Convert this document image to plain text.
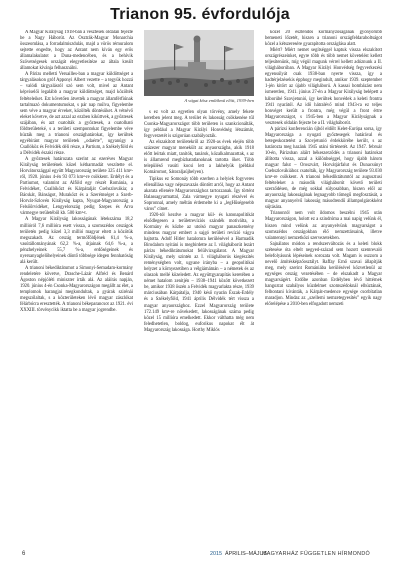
Trianon 95. évfordulója

A Magyar Királyság 1918-ban a vesztesek oldalán fejezte be a Nagy Háborút. Az Osztrák-Magyar Monarchia összeomlása, a forradalmiszdulás, majd a vörös rémuralom sejtette engedte, hogy az Antant nem kíván egy erős államalakulatot a Duna-medencében, és a behívik Szövetségesek országát elegyetlesítéze az általa kreált államokat kívánja felhasználni.

A Párizs melletti Versailles-ban a magyar küldöttséget a tárgyalásokon gróf Apponyi Albert vezette – a tegyük hozzá – valódi tárgyalásról szó sem volt, mivel az Antant képviselői legalább a magyar küldöttséget, majd közölték feltételeiket. Ezt követően átvették a magyar államférfiúnak tartalmazó dokumentumokat, s pár nap múlva, figyelembe sem véve a magyar érveket, közölték döntésüket. A vétsévő eleket követve, de azt azzal az ezzben kiküttvek, a győztesek szájában, és azt csatolták a győztesek, a csatolható földterületeké, s a területi szempontokat figyelembe véve húzták meg a trianoni országhatárokat, így kerültek egyébiránt magyar területek „odaérte”, ugyanúgy a Csallóköz és Felvidék déli része, a Partium, a Székelyföld és a Délvidék északi része.

A győztesek határozata szerint az ezeréves Magyar Királyság területének közel kétharmadát veszítette el. Horvátországgal együtt Magyarország területe 325 411 km²-ről, 1920. június 4-én 93 073 km²-re csökkent. Erdélyt és a Partiumot, valamint az Alföld egy részét Románia, a Felvidéket, Csallóközt és Kárpátalját Csehszlovákia; a Bácskát, Bánságot, Muraközt és a Szerémséget a Szerb-Horvát-Szlovén Királyság kapta, Nyugat-Magyarország a Felsőőrvidéket, Lengyelország pedig Szepes és Árva vármegye területéből kb. 500 km²-t.

A Magyar Királyság lakosságának létekszáma 18,2 millióról 7,6 millióra esett vissza, a szomszédos országok területén pedig közel 3,3 millió magyar eltett a közötük megszakadt. Az ország termőföldjének 61,4 %-a, vasútállományának 62,2 %-a, útjainak 64,6 %-a, a pénzhelyeinek 55,7 %-a, erdőségeinek és nyersanyaglelőhelyeinek döntő többsége idegen fennhatóság alá került.

A trianoni békediktátumot a Simonyi-Semadam-kormány rendeletére követve, Drasche-Lázár Alfréd és Benárd Ágoston népjóléti miniszter írták alá. Az aláírás napján, 1920. június 4-én Csonka-Magyarországon megállt az élet, a templomok harangjai megkondultak, a gyárak szirénái megszólaltak, s a közterületeken lévő magyar zászlókat félárbócra eresztették. A trianoni békeparancsot az 1921. évi XXXIII. törvénycikk iktatta be a magyar jogrendbe.

A vágat kősz emlékmű előtt, 1939-ben

s ez volt az egyetlen olyan törvény, amely fekete keretben jelent meg. A terület és lakosság csökkenése tűl Csonka-Magyarországot több területen is szankcionálták, így például a Magyar Királyi Honvédség létszámát, fegyverzetét is szigorúan szabályozták.

Az elszakított területekről az 1920-as évek elején több százezer magyar menekült az anyaországba, akik 1918 előtt leírtak miatt, tanítók, tanárok, közalkalmazottak, s az is államrend megbízhatatlanoknak tartotta őket. Több településő vasúti kocsi lett a lakhelyük (például Komáromot, Sátoraljaújhelyen).

Tipikus ez Somonáy több ezerben a helyiek fogyveres ellenállása vagy népszavazás döntött arról, hogy az Antant akarata ellenére Magyarországhoz tartozzanak. Így történt Balassagyarmattal, Zala vármegye nyugati részével és Sopronnal, amely méltán érdemelte ki a „legHűségesebb város” címet.

1920-tól kezdve a magyar kül- és katonapolitikát elsődlegesen a területrevíziós szándék motiválta, a Kormány és közbe az utolsó magyar panaszkemény mindens magyar embert a sajgó területi revízió vágya hajtotta. Adolf Hitler hatalomra kerülésével a Harmadik Birodalom nyitáni is megbirdette az I. világháborút lezárt párizs békediktátumokat felülvizsgálatot. A Magyar Királyság, mely szintén az I. világháborús kiegészítés reménységben volt, ugyane irányba – a geopolitikai helyzet a környezetiben a vélgiámámán – a németek és az olaszok mellé közeledett. Az együttgyarapítás keretében a német hatalom zenitjén – 1938–1941 között következett be, amikor 1938 őszén a Felvidék magyarlakta része, 1939 márciusában Kárpátalja, 1940 késő nyarán Észak-Erdély és a Székelyföld, 1941 április Délvidék tért vissza a magyar anyaországhoz. Ezzel Magyarország területe 172.149 km²-re növekedett, lakosságának száma pedig közel 15 millióra emelkedett. Ekkor válthatta még nem feledhetetlen, boldog, euforikus napokat élt át Magyarország lakossága. Horthy Miklós

közel 20 esztendős kormányzóságának gyönyörűbb bemeneti lőzetét, hiszen a trianoni országfeldaraboltságot közel a kétszeresére gyarapította országlása alatt.

Miért? Miért nemet segítséggel kaptuk vissza elszakított országrészeinket, egyre több és több nemet követelést kellett teljesítenünk, míg végül magunk vérrel kellett adóznunk a II. világháborúban. A Magyar Királyi Honvédség fegyverkezési egyensúlyát csak 1938-ban nyerte vissza, így a hadtérjelzésekis épphogy megindult, amikor 1939. szeptember 1-jén kitört az újabb világháború. A kassai bombázást nem ismeretlen, 1941. június 27-én a Magyar Királyság belépett a háborúbé Szovjetunió, így kerültek honvédek a keleti frontra 1941 nyarától. Az idő hátralévő mind 1943-ra ez teljes honvéget került a frontra, még végül a front értre Magyarországot, s 1945-ben a Magyar Királyságnak a vesztesek oldalán fejezte be a II. világháborút.

A párizsi konferencián újból eldőlt Kelet-Európa sorsa, így Magyarországa a nyugati győztesegek határával és betegeskoztetést a Szovjetunió érdekkörébe került, s az határozta meg hazánk 1945 utáni történetét. Az 1947. február 10-én, Párizsban aláírt békeszerződés a trianoni határokat állította vissza, azzal a különbséggel, hogy újabb három magyar falut – Oroszvárt, Horvátjárfalut és Dunacsúnyt Csehszlovákiához csatolták, így Magyarország területe 93.030 km²-re csökkent. A trianoni békediktátumtól az augusztusi feltételeket a második világháborút követő területi szerződésen, de még sokkal súlyosabban, hiszen elől az anyaország lakosságának legnagyobb tömegű megfosztását, a magyar anyanyelvű lakosság másodrendű állampolgárokként sújtására.

Trianonról nem volt ildomos beszélni 1945 után Magyarországon, holott ez a szindróma a mai napig velünk él, hiszen mind velünk az anyanyelvünk magyarságot a szomszédos országokban élő nemzettársaink, illetve valamennyi nemzetközi szervezetekben.

Sajnálatos módon a rendszerváltozás és a keleti blokk szétesése óta eltelt negyed-század sem hozott szemrevaló belefolyásunk lépéseinek sorozata volt. Magam is oszzom a nevelő ámítésképzőosztályt. Raffay Ernő szavai állapítják meg, mely szerint Romániába kerülésével közvetlenül az egységes ország vezetésében – de elszakadt a Magyar magyarságért. Erdőbe azonban Erdélyben lévő hittérnek hangoztat szabályos küzdelmet szomszédoknál elhúztának, felbontani kívánták, a Kárpát-medence egysége csorbítatlan maradjon. Mindaz az „szellemi nemzetegyesítés” egyik nagy előrelépése a 2010-ben elfogadott nemzeti

6	2015 ÁPRILIS–MÁJUS
MAGYARHÁZ FÜGGETLEN HÍRMONDÓ
